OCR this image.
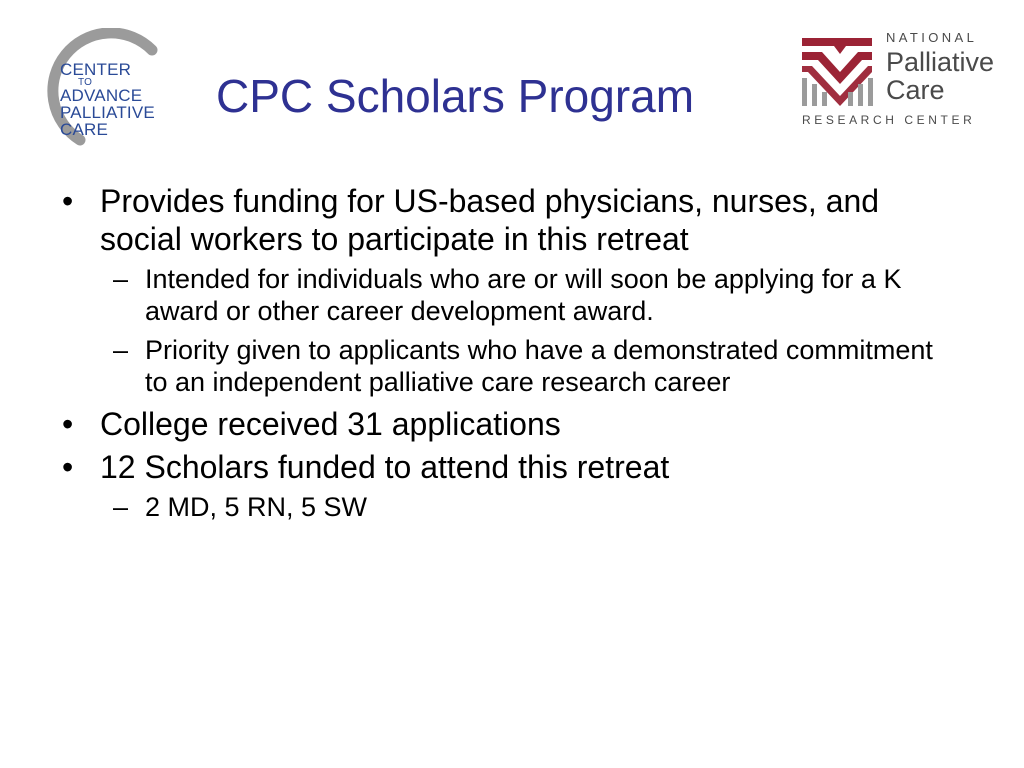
CENTER
TO
ADVANCE
PALLIATIVE
CARE
CPC Scholars Program
NATIONAL
Palliative
Care
RESEARCH CENTER
• Provides funding for US-based physicians, nurses, and social workers to participate in this retreat
– Intended for individuals who are or will soon be applying for a K award or other career development award.
– Priority given to applicants who have a demonstrated commitment to an independent palliative care research career
• College received 31 applications
• 12 Scholars funded to attend this retreat
– 2 MD, 5 RN, 5 SW
